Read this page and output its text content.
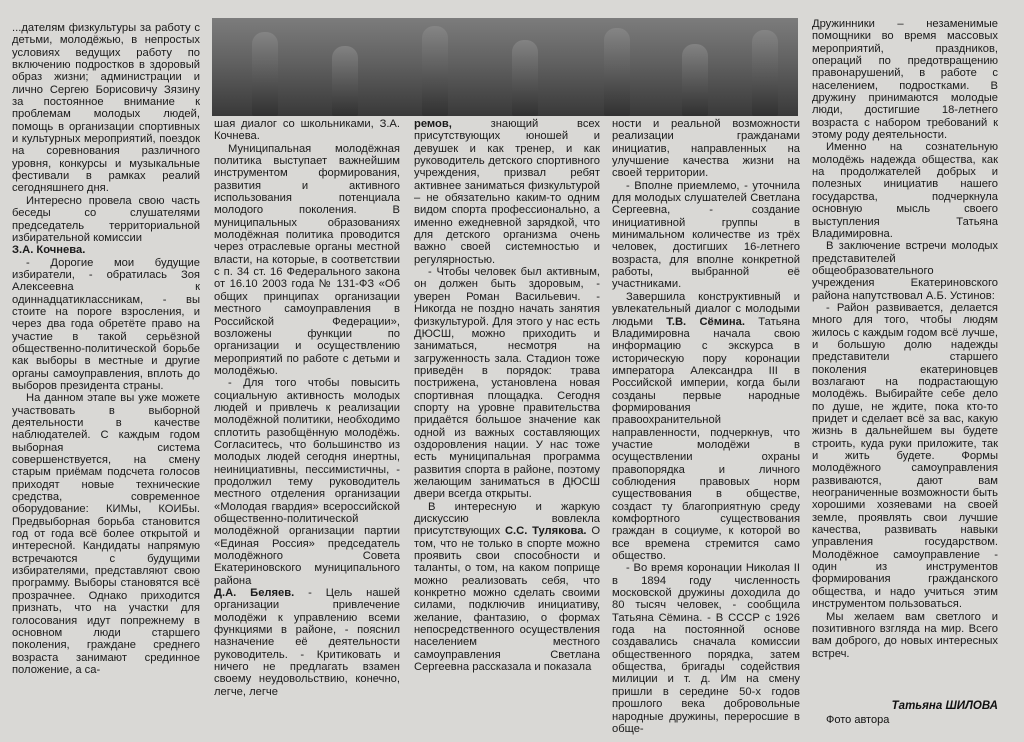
...дателям физкультуры за работу с детьми, молодёжью, в непростых условиях ведущих работу по включению подростков в здоровый образ жизни; администрации и лично Сергею Борисовичу Зязину за постоянное внимание к проблемам молодых людей, помощь в организации спортивных и культурных мероприятий, поездок на соревнования различного уровня, конкурсы и музыкальные фестивали в рамках реалий сегодняшнего дня.

Интересно провела свою часть беседы со слушателями председатель территориальной избирательной комиссии

З.А. Кочнева.

- Дорогие мои будущие избиратели, - обратилась Зоя Алексеевна к одиннадцатиклассникам, - вы стоите на пороге взросления, и через два года обретёте право на участие в такой серьёзной общественно-политической борьбе как выборы в местные и другие органы самоуправления, вплоть до выборов президента страны.

На данном этапе вы уже можете участвовать в выборной деятельности в качестве наблюдателей. С каждым годом выборная система совершенствуется, на смену старым приёмам подсчета голосов приходят новые технические средства, современное оборудование: КИМы, КОИБы. Предвыборная борьба становится год от года всё более открытой и интересной. Кандидаты напрямую встречаются с будущими избирателями, представляют свою программу. Выборы становятся всё прозрачнее. Однако приходится признать, что на участки для голосования идут попрежнему в основном люди старшего поколения, граждане среднего возраста занимают срединное положение, а са-

шая диалог со школьниками, З.А. Кочнева.

Муниципальная молодёжная политика выступает важнейшим инструментом формирования, развития и активного использования потенциала молодого поколения. В муниципальных образованиях молодёжная политика проводится через отраслевые органы местной власти, на которые, в соответствии с п. 34 ст. 16 Федерального закона от 16.10 2003 года № 131-ФЗ «Об общих принципах организации местного самоуправления в Российской Федерации», возложены функции по организации и осуществлению мероприятий по работе с детьми и молодёжью.

- Для того чтобы повысить социальную активность молодых людей и привлечь к реализации молодёжной политики, необходимо сплотить разобщённую молодёжь. Согласитесь, что большинство из молодых людей сегодня инертны, неинициативны, пессимистичны, - продолжил тему руководитель местного отделения организации «Молодая гвардия» всероссийской общественно-политической молодёжной организации партии «Единая Россия» председатель молодёжного Совета Екатериновского муниципального района

Д.А. Беляев. - Цель нашей организации привлечение молодёжи к управлению всеми функциями в районе, - пояснил назначение её деятельности руководитель. - Критиковать и ничего не предлагать взамен своему неудовольствию, конечно, легче, легче

ремов,	знающий всех присутствующих юношей и девушек и как тренер, и как руководитель детского спортивного учреждения, призвал ребят активнее заниматься физкультурой – не обязательно каким-то одним видом спорта профессионально, а именно ежедневной зарядкой, что для детского организма очень важно своей системностью и регулярностью.

- Чтобы человек был активным, он должен быть здоровым, - уверен Роман Васильевич. - Никогда не поздно начать занятия физкультурой. Для этого у нас есть ДЮСШ, можно приходить и заниматься, несмотря на загруженность зала. Стадион тоже приведён в порядок: трава пострижена, установлена новая спортивная площадка. Сегодня спорту на уровне правительства придаётся большое значение как одной из важных составляющих оздоровления нации. У нас тоже есть муниципальная программа развития спорта в районе, поэтому желающим заниматься в ДЮСШ двери всегда открыты.

В интересную и жаркую дискуссию вовлекла присутствующих С.С. Тулякова. О том, что не только в спорте можно проявить свои способности и таланты, о том, на каком поприще можно реализовать себя, что конкретно можно сделать своими силами, подключив инициативу, желание, фантазию, о формах непосредственного осуществления населением местного самоуправления Светлана Сергеевна рассказала и показала

ности и реальной возможности реализации гражданами инициатив, направленных на улучшение качества жизни на своей территории.

- Вполне приемлемо, - уточнила для молодых слушателей Светлана Сергеевна, - создание инициативной группы в минимальном количестве из трёх человек, достигших 16-летнего возраста, для вполне конкретной работы, выбранной её участниками.

Завершила конструктивный и увлекательный диалог с молодыми людьми Т.В. Сёмина. Татьяна Владимировна начала свою информацию с экскурса в историческую пору коронации императора Александра III в Российской империи, когда были созданы первые народные формирования правоохранительной направленности, подчеркнув, что участие молодёжи в осуществлении охраны правопорядка и личного соблюдения правовых норм существования в обществе, создаст ту благоприятную среду комфортного существования граждан в социуме, к которой во все времена стремится само общество.

- Во время коронации Николая II в 1894 году численность московской дружины доходила до 80 тысяч человек, - сообщила Татьяна Сёмина. - В СССР с 1926 года на постоянной основе создавались сначала комиссии общественного порядка, затем общества, бригады содействия милиции и т. д. Им на смену пришли в середине 50-х годов прошлого века добровольные народные дружины, переросшие в обще-

Дружинники – незаменимые помощники во время массовых мероприятий, праздников, операций по предотвращению правонарушений, в работе с населением, подростками. В дружину принимаются молодые люди, достигшие 18-летнего возраста с набором требований к этому роду деятельности.

Именно на сознательную молодёжь надежда общества, как на продолжателей добрых и полезных инициатив нашего государства, подчеркнула основную мысль своего выступления Татьяна Владимировна.

В заключение встречи молодых представителей общеобразовательного учреждения Екатериновского района напутствовал А.Б. Устинов:

- Район развивается, делается много для того, чтобы людям жилось с каждым годом всё лучше, и большую долю надежды представители старшего поколения екатериновцев возлагают на подрастающую молодёжь. Выбирайте себе дело по душе, не ждите, пока кто-то придет и сделает всё за вас, какую жизнь в дальнейшем вы будете строить, куда руки приложите, так и жить будете. Формы молодёжного самоуправления развиваются, дают вам неограниченные возможности быть хорошими хозяевами на своей земле, проявлять свои лучшие качества, развивать навыки управления государством. Молодёжное самоуправление - один из инструментов формирования гражданского общества, и надо учиться этим инструментом пользоваться.

Мы желаем вам светлого и позитивного взгляда на мир. Всего вам доброго, до новых интересных встреч.

Татьяна ШИЛОВА
Фото автора
